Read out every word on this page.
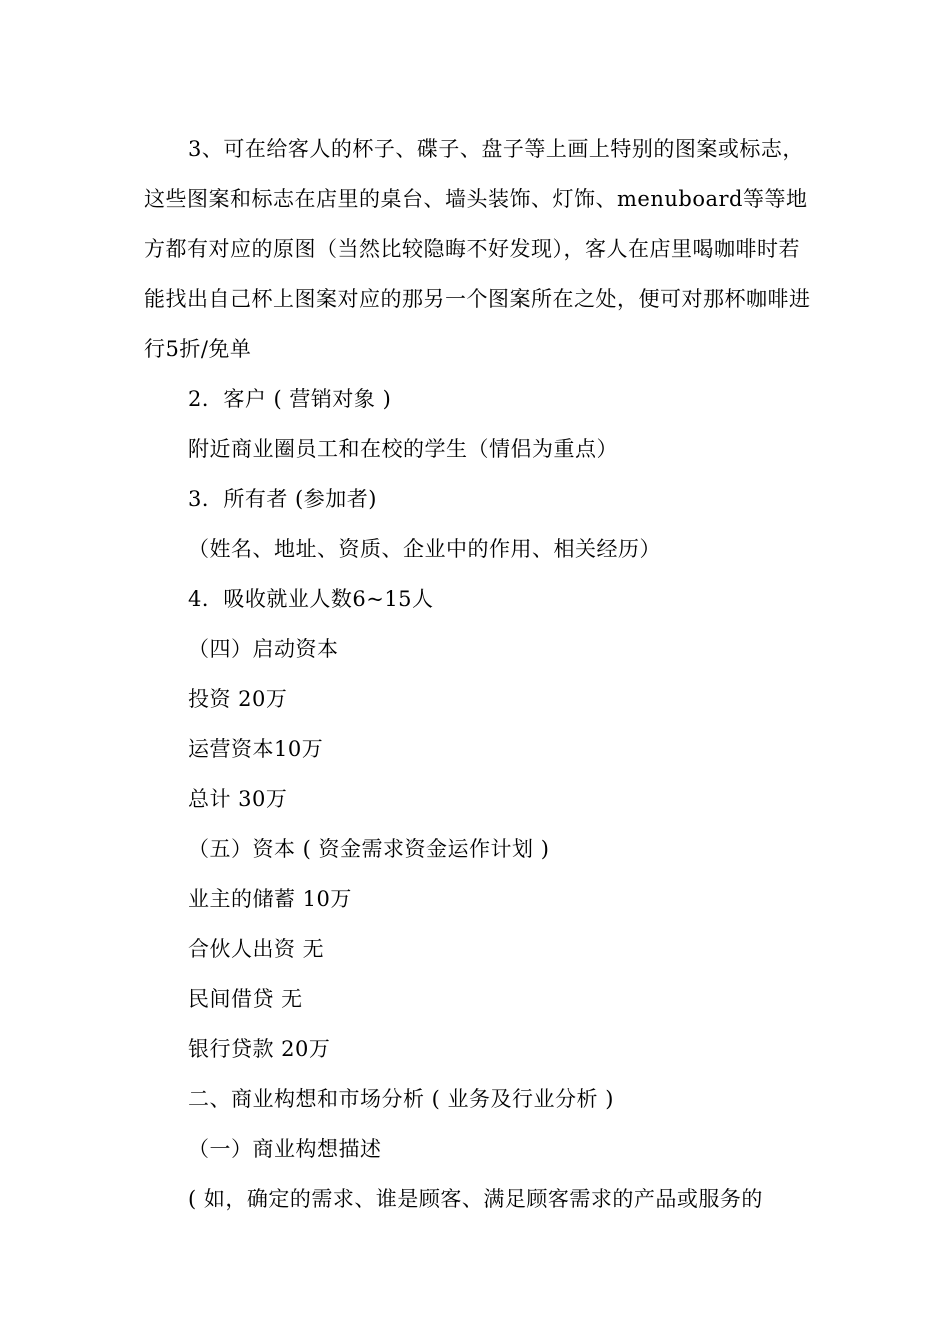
3、可在给客人的杯子、碟子、盘子等上画上特别的图案或标志，这些图案和标志在店里的桌台、墙头装饰、灯饰、menuboard等等地方都有对应的原图（当然比较隐晦不好发现），客人在店里喝咖啡时若能找出自己杯上图案对应的那另一个图案所在之处，便可对那杯咖啡进行5折/免单
2．客户 ( 营销对象 )
附近商业圈员工和在校的学生（情侣为重点）
3．所有者 (参加者)
（姓名、地址、资质、企业中的作用、相关经历）
4．吸收就业人数6~15人
（四）启动资本
投资 20万
运营资本10万
总计 30万
（五）资本 ( 资金需求资金运作计划 )
业主的储蓄 10万
合伙人出资 无
民间借贷 无
银行贷款 20万
二、商业构想和市场分析 ( 业务及行业分析 )
（一）商业构想描述
( 如，确定的需求、谁是顾客、满足顾客需求的产品或服务的
